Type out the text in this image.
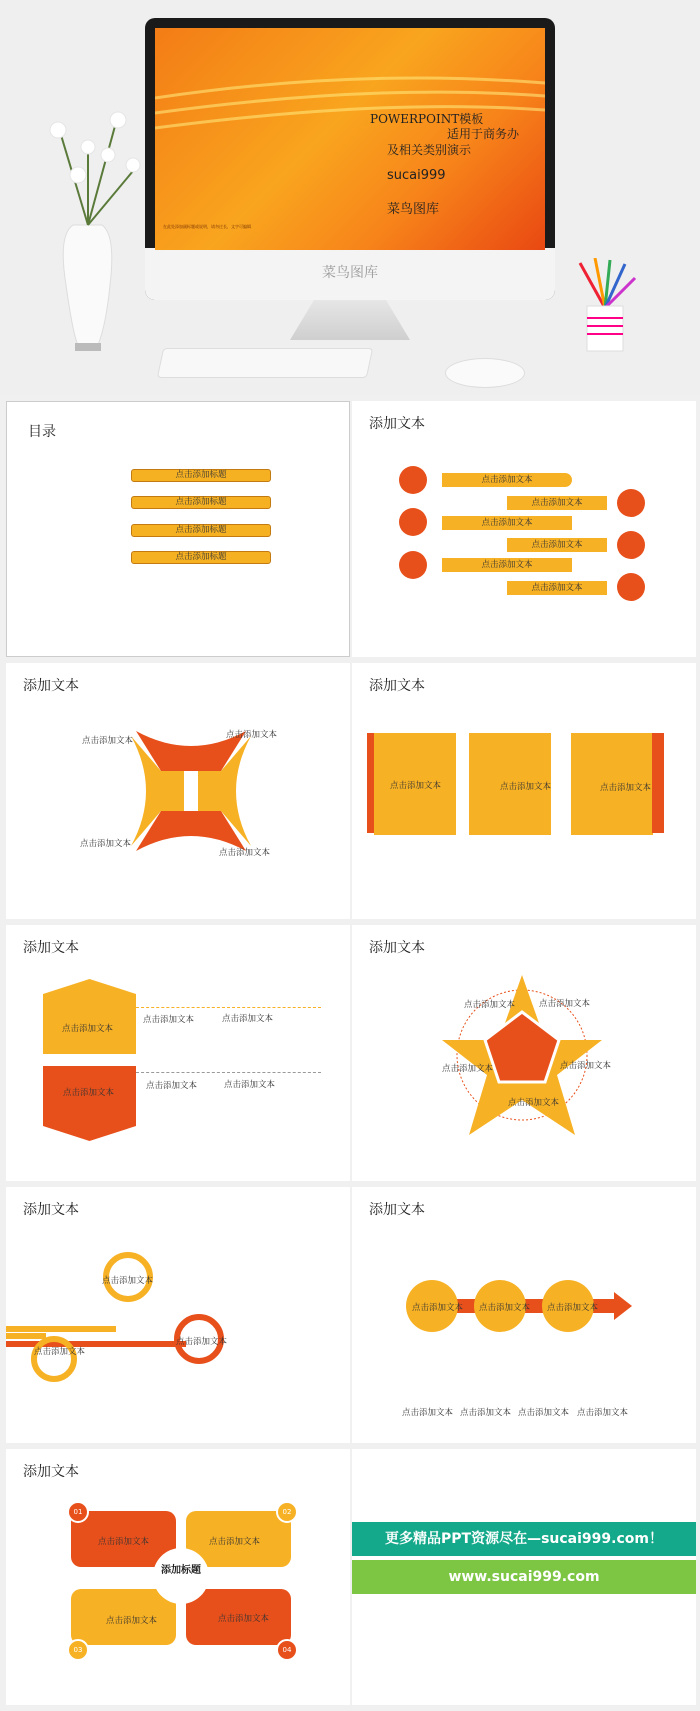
菜鸟图库
POWERPOINT模板
适用于商务办
及相关类别演示
sucai999
菜鸟图库
在此处添加副标题或说明，请勿过长，文字可编辑
目录
点击添加标题
点击添加标题
点击添加标题
点击添加标题
添加文本
点击添加文本
点击添加文本
点击添加文本
点击添加文本
点击添加文本
点击添加文本
添加文本
点击添加文本
点击添加文本
点击添加文本
点击添加文本
添加文本
点击添加文本	点击添加文本	点击添加文本
添加文本
点击添加文本
点击添加文本
点击添加文本	点击添加文本
点击添加文本	点击添加文本
添加文本
点击添加文本	点击添加文本
点击添加文本	点击添加文本
点击添加文本
添加文本
点击添加文本
点击添加文本
点击添加文本
添加文本
点击添加文本 点击添加文本 点击添加文本
点击添加文本 点击添加文本 点击添加文本 点击添加文本
添加文本
添加标题
点击添加文本	点击添加文本
点击添加文本	点击添加文本
01	02
03	04
更多精品PPT资源尽在—sucai999.com！
www.sucai999.com
